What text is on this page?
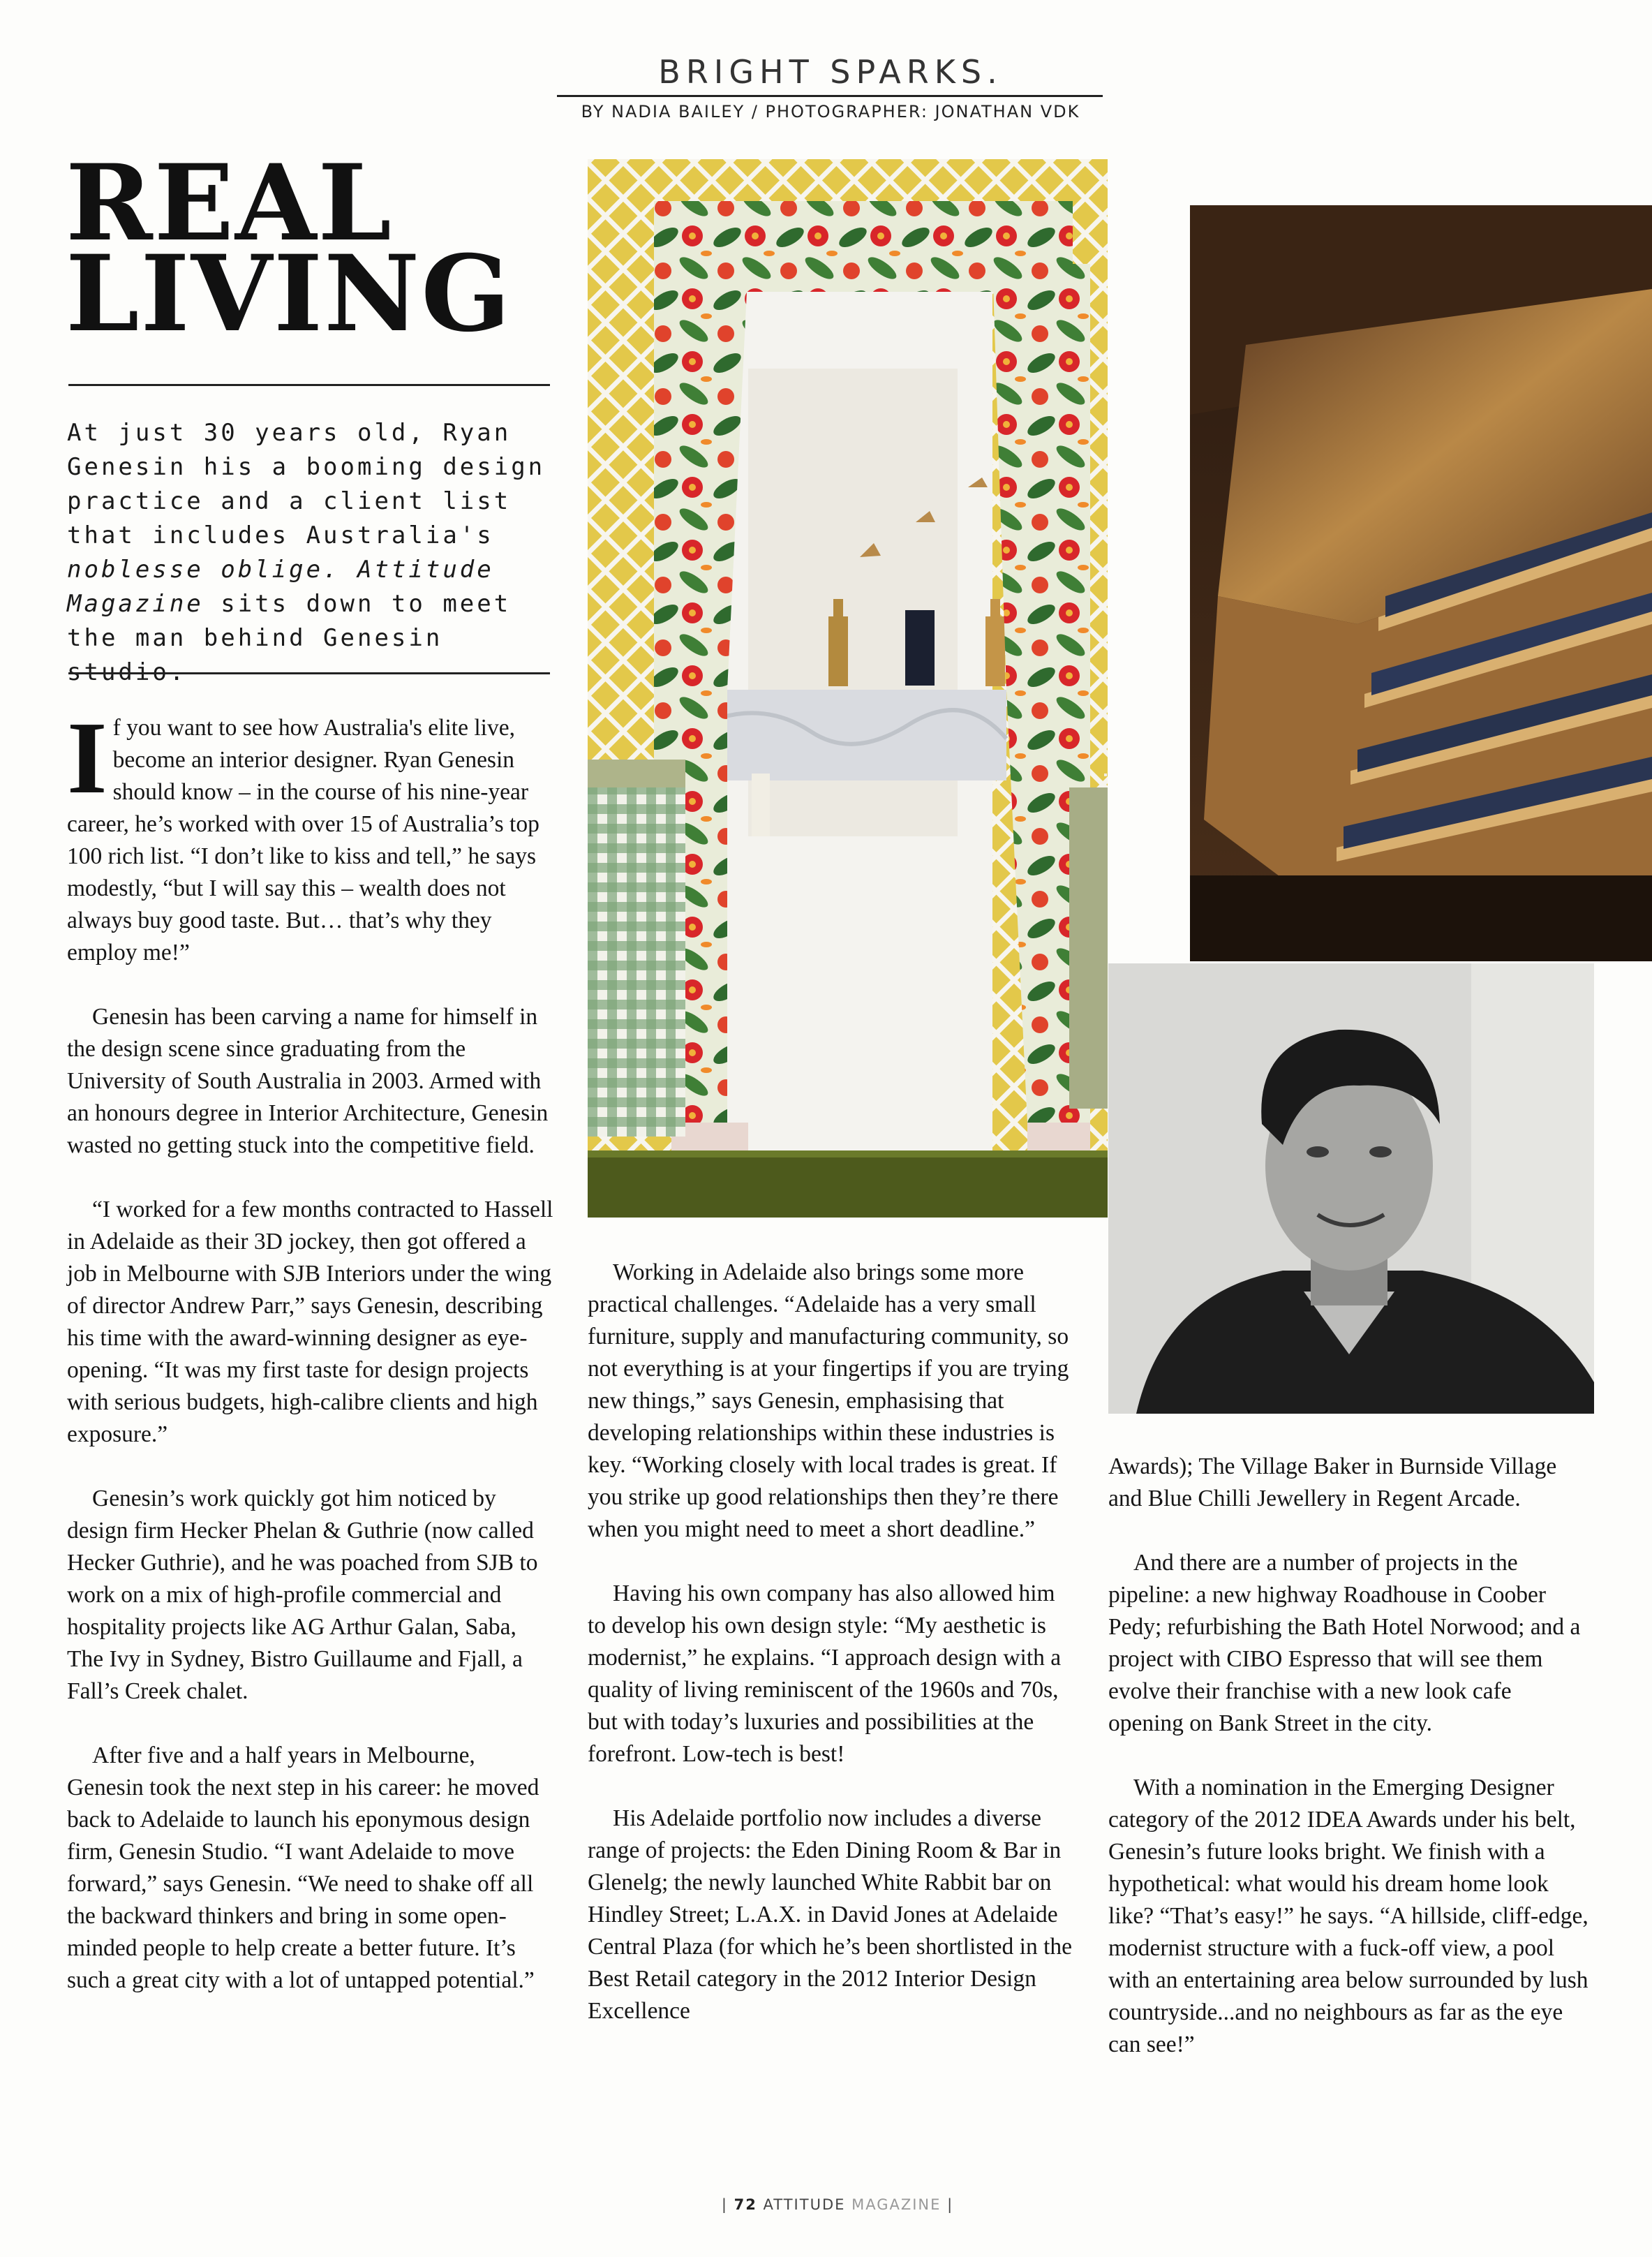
BRIGHT SPARKS.
BY NADIA BAILEY / PHOTOGRAPHER: JONATHAN VDK
REAL
LIVING
At just 30 years old, Ryan Genesin his a booming design practice and a client list that includes Australia's noblesse oblige. Attitude Magazine sits down to meet the man behind Genesin studio.

If you want to see how Australia's elite live, become an interior designer. Ryan Genesin should know – in the course of his nine-year career, he’s worked with over 15 of Australia’s top 100 rich list. “I don’t like to kiss and tell,” he says modestly, “but I will say this – wealth does not always buy good taste. But… that’s why they employ me!”

Genesin has been carving a name for himself in the design scene since graduating from the University of South Australia in 2003. Armed with an honours degree in Interior Architecture, Genesin wasted no getting stuck into the competitive field.

“I worked for a few months contracted to Hassell in Adelaide as their 3D jockey, then got offered a job in Melbourne with SJB Interiors under the wing of director Andrew Parr,” says Genesin, describing his time with the award-winning designer as eye-opening. “It was my first taste for design projects with serious budgets, high-calibre clients and high exposure.”

Genesin’s work quickly got him noticed by design firm Hecker Phelan & Guthrie (now called Hecker Guthrie), and he was poached from SJB to work on a mix of high-profile commercial and hospitality projects like AG Arthur Galan, Saba, The Ivy in Sydney, Bistro Guillaume and Fjall, a Fall’s Creek chalet.

After five and a half years in Melbourne, Genesin took the next step in his career: he moved back to Adelaide to launch his eponymous design firm, Genesin Studio. “I want Adelaide to move forward,” says Genesin. “We need to shake off all the backward thinkers and bring in some open-minded people to help create a better future. It’s such a great city with a lot of untapped potential.”

Working in Adelaide also brings some more practical challenges. “Adelaide has a very small furniture, supply and manufacturing community, so not everything is at your fingertips if you are trying new things,” says Genesin, emphasising that developing relationships within these industries is key. “Working closely with local trades is great. If you strike up good relationships then they’re there when you might need to meet a short deadline.”

Having his own company has also allowed him to develop his own design style: “My aesthetic is modernist,” he explains. “I approach design with a quality of living reminiscent of the 1960s and 70s, but with today’s luxuries and possibilities at the forefront. Low-tech is best!

His Adelaide portfolio now includes a diverse range of projects: the Eden Dining Room & Bar in Glenelg; the newly launched White Rabbit bar on Hindley Street; L.A.X. in David Jones at Adelaide Central Plaza (for which he’s been shortlisted in the Best Retail category in the 2012 Interior Design Excellence

Awards); The Village Baker in Burnside Village and Blue Chilli Jewellery in Regent Arcade.

And there are a number of projects in the pipeline: a new highway Roadhouse in Coober Pedy; refurbishing the Bath Hotel Norwood; and a project with CIBO Espresso that will see them evolve their franchise with a new look cafe opening on Bank Street in the city.

With a nomination in the Emerging Designer category of the 2012 IDEA Awards under his belt, Genesin’s future looks bright. We finish with a hypothetical: what would his dream home look like? “That’s easy!” he says. “A hillside, cliff-edge, modernist structure with a fuck-off view, a pool with an entertaining area below surrounded by lush countryside...and no neighbours as far as the eye can see!”

| 72 ATTITUDE MAGAZINE |
